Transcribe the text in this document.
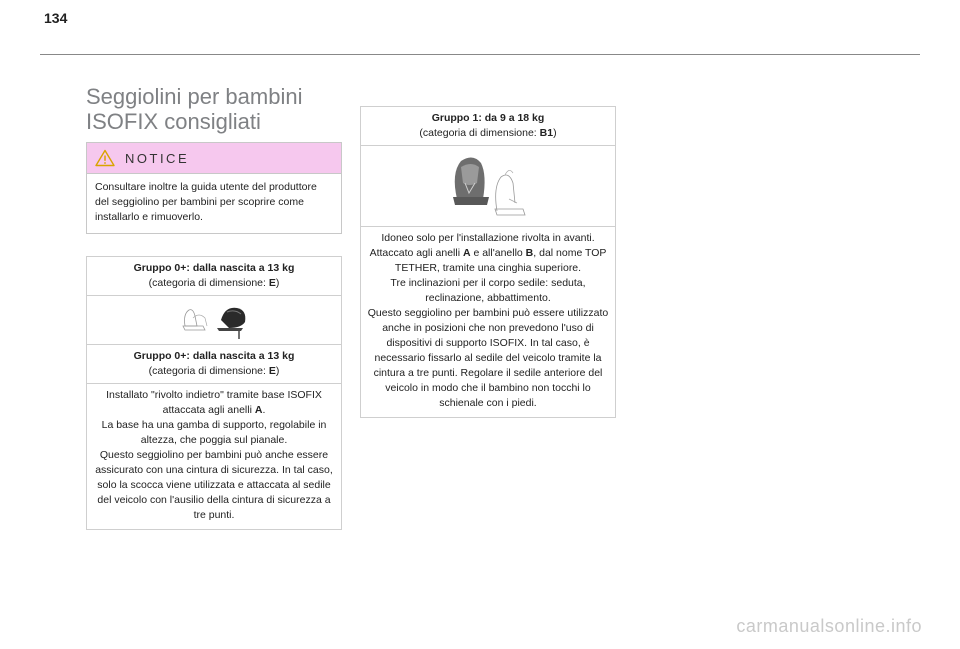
134
Seggiolini per bambini
ISOFIX consigliati
NOTICE
Consultare inoltre la guida utente del produttore del seggiolino per bambini per scoprire come installarlo e rimuoverlo.
Gruppo 0+: dalla nascita a 13 kg
(categoria di dimensione: E)
Gruppo 0+: dalla nascita a 13 kg
(categoria di dimensione: E)
Installato "rivolto indietro" tramite base ISOFIX attaccata agli anelli A.
La base ha una gamba di supporto, regolabile in altezza, che poggia sul pianale.
Questo seggiolino per bambini può anche essere assicurato con una cintura di sicurezza. In tal caso, solo la scocca viene utilizzata e attaccata al sedile del veicolo con l'ausilio della cintura di sicurezza a tre punti.
Gruppo 1: da 9 a 18 kg
(categoria di dimensione: B1)
Idoneo solo per l'installazione rivolta in avanti.
Attaccato agli anelli A e all'anello B, dal nome TOP TETHER, tramite una cinghia superiore.
Tre inclinazioni per il corpo sedile: seduta, reclinazione, abbattimento.
Questo seggiolino per bambini può essere utilizzato anche in posizioni che non prevedono l'uso di dispositivi di supporto ISOFIX. In tal caso, è necessario fissarlo al sedile del veicolo tramite la cintura a tre punti. Regolare il sedile anteriore del veicolo in modo che il bambino non tocchi lo schienale con i piedi.
carmanualsonline.info
